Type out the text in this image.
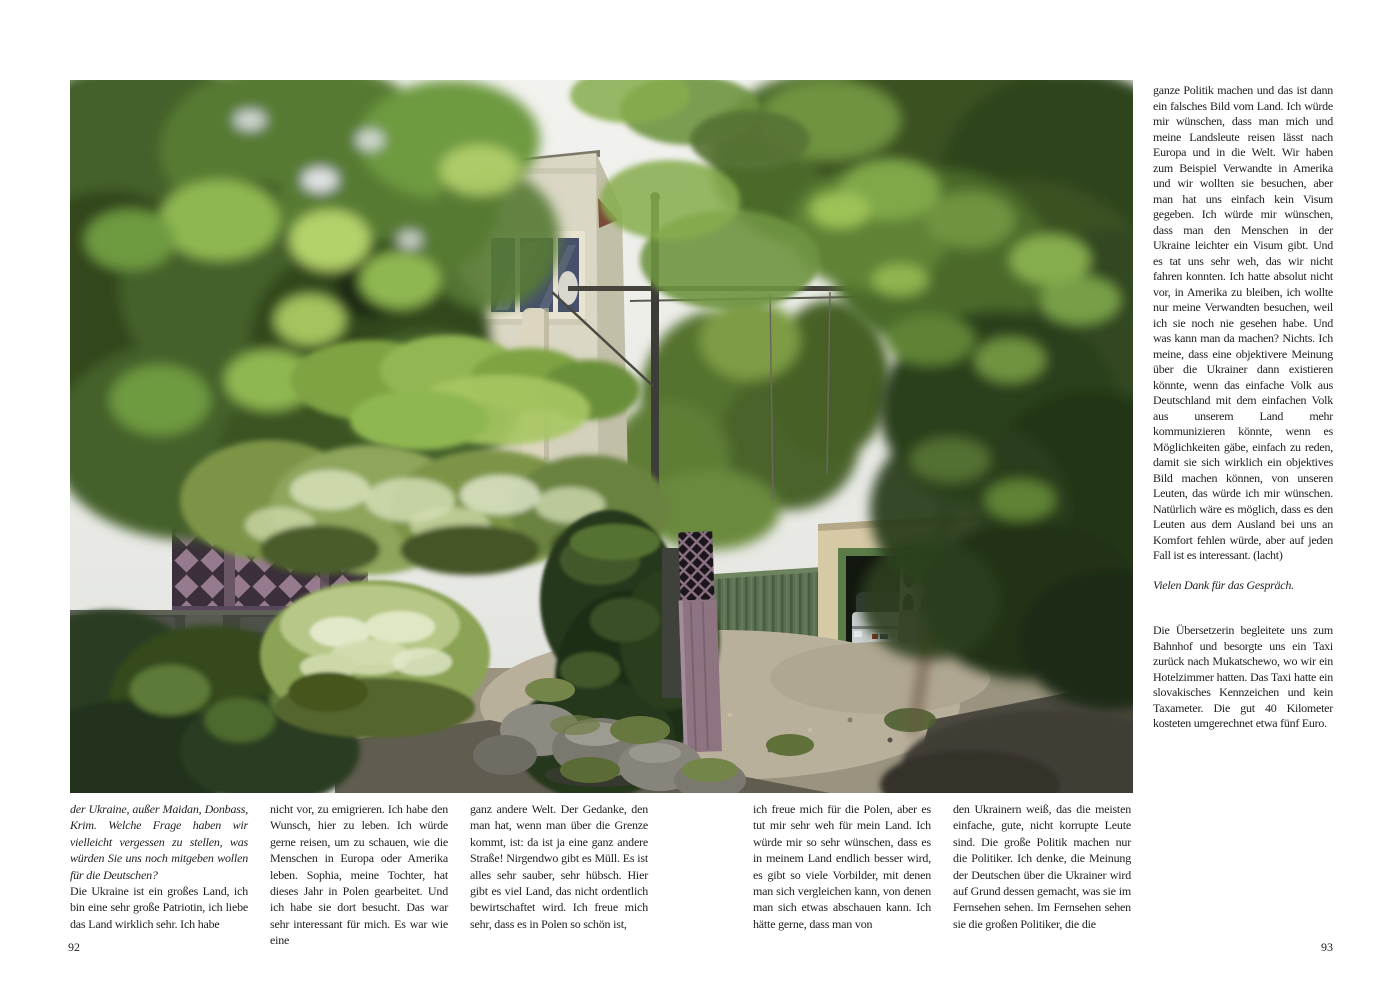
ganze Politik machen und das ist dann ein falsches Bild vom Land. Ich würde mir wünschen, dass man mich und meine Landsleute reisen lässt nach Europa und in die Welt. Wir haben zum Beispiel Verwandte in Amerika und wir wollten sie besuchen, aber man hat uns einfach kein Visum gegeben. Ich würde mir wünschen, dass man den Menschen in der Ukraine leichter ein Visum gibt. Und es tat uns sehr weh, das wir nicht fahren konnten. Ich hatte absolut nicht vor, in Amerika zu bleiben, ich wollte nur meine Verwandten besuchen, weil ich sie noch nie gesehen habe. Und was kann man da machen? Nichts. Ich meine, dass eine objektivere Meinung über die Ukrainer dann existieren könnte, wenn das einfache Volk aus Deutschland mit dem einfachen Volk aus unserem Land mehr kommunizieren könnte, wenn es Möglichkeiten gäbe, einfach zu reden, damit sie sich wirklich ein objektives Bild machen können, von unseren Leuten, das würde ich mir wünschen. Natürlich wäre es möglich, dass es den Leuten aus dem Ausland bei uns an Komfort fehlen würde, aber auf jeden Fall ist es interessant. (lacht)
Vielen Dank für das Gespräch.
Die Übersetzerin begleitete uns zum Bahnhof und besorgte uns ein Taxi zurück nach Mukatschewo, wo wir ein Hotelzimmer hatten. Das Taxi hatte ein slovakisches Kennzeichen und kein Taxameter. Die gut 40 Kilometer kosteten umgerechnet etwa fünf Euro.
der Ukraine, außer Maidan, Donbass, Krim. Welche Frage haben wir vielleicht vergessen zu stellen, was würden Sie uns noch mitgeben wollen für die Deutschen?
Die Ukraine ist ein großes Land, ich bin eine sehr große Patriotin, ich liebe das Land wirklich sehr. Ich habe
nicht vor, zu emigrieren. Ich habe den Wunsch, hier zu leben. Ich würde gerne reisen, um zu schauen, wie die Menschen in Europa oder Amerika leben. Sophia, meine Tochter, hat dieses Jahr in Polen gearbeitet. Und ich habe sie dort besucht. Das war sehr interessant für mich. Es war wie eine
ganz andere Welt. Der Gedanke, den man hat, wenn man über die Grenze kommt, ist: da ist ja eine ganz andere Straße! Nirgendwo gibt es Müll. Es ist alles sehr sauber, sehr hübsch. Hier gibt es viel Land, das nicht ordentlich bewirtschaftet wird. Ich freue mich sehr, dass es in Polen so schön ist,
ich freue mich für die Polen, aber es tut mir sehr weh für mein Land. Ich würde mir so sehr wünschen, dass es in meinem Land endlich besser wird, es gibt so viele Vorbilder, mit denen man sich vergleichen kann, von denen man sich etwas abschauen kann. Ich hätte gerne, dass man von
den Ukrainern weiß, das die meisten einfache, gute, nicht korrupte Leute sind. Die große Politik machen nur die Politiker. Ich denke, die Meinung der Deutschen über die Ukrainer wird auf Grund dessen gemacht, was sie im Fernsehen sehen. Im Fernsehen sehen sie die großen Politiker, die die
92	93
